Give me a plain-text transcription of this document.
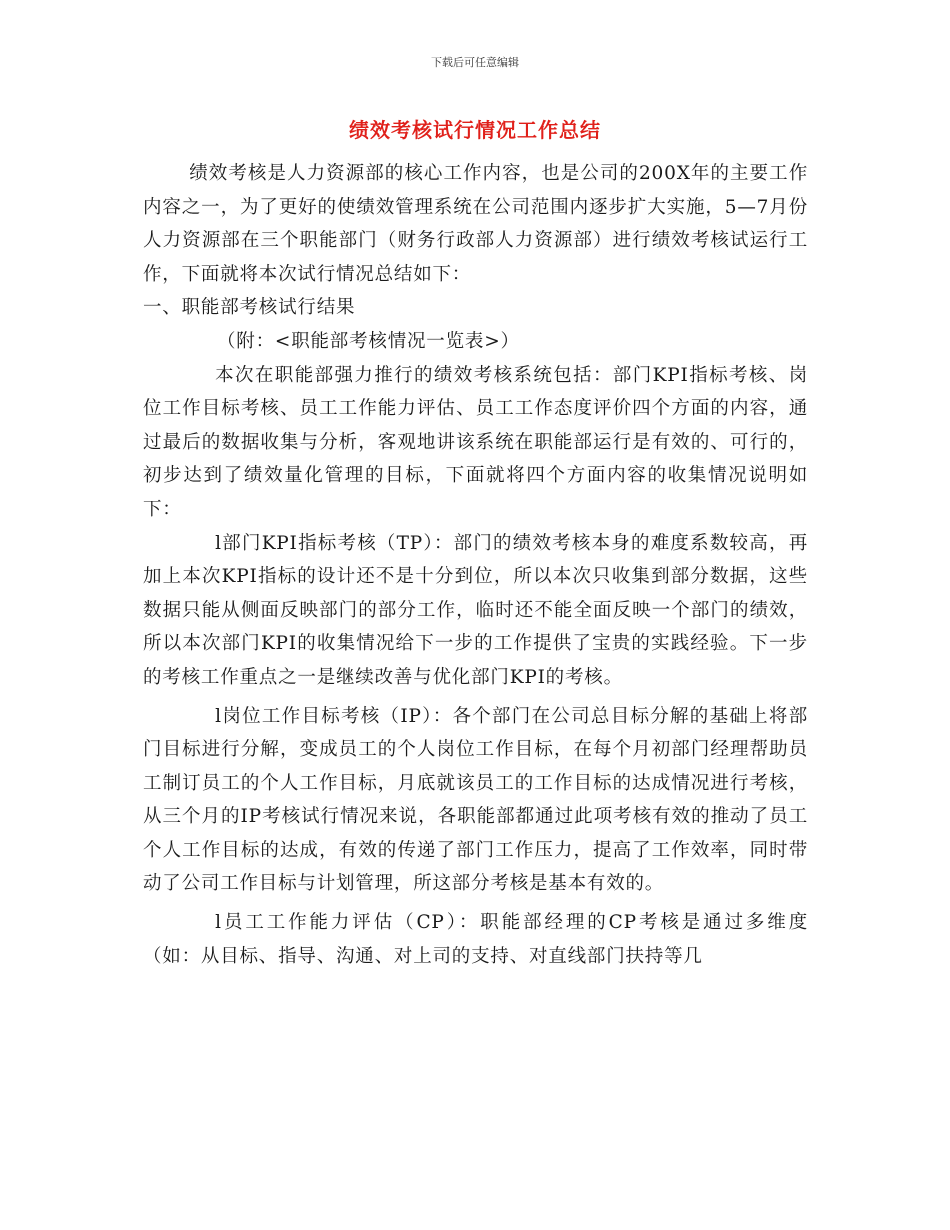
下载后可任意编辑
绩效考核试行情况工作总结

绩效考核是人力资源部的核心工作内容，也是公司的200X年的主要工作内容之一，为了更好的使绩效管理系统在公司范围内逐步扩大实施，5—7月份人力资源部在三个职能部门（财务行政部人力资源部）进行绩效考核试运行工作，下面就将本次试行情况总结如下：

一、职能部考核试行结果

（附：<职能部考核情况一览表>）

本次在职能部强力推行的绩效考核系统包括：部门KPI指标考核、岗位工作目标考核、员工工作能力评估、员工工作态度评价四个方面的内容，通过最后的数据收集与分析，客观地讲该系统在职能部运行是有效的、可行的，初步达到了绩效量化管理的目标，下面就将四个方面内容的收集情况说明如下：

l部门KPI指标考核（TP）：部门的绩效考核本身的难度系数较高，再加上本次KPI指标的设计还不是十分到位，所以本次只收集到部分数据，这些数据只能从侧面反映部门的部分工作，临时还不能全面反映一个部门的绩效，所以本次部门KPI的收集情况给下一步的工作提供了宝贵的实践经验。下一步的考核工作重点之一是继续改善与优化部门KPI的考核。

l岗位工作目标考核（IP）：各个部门在公司总目标分解的基础上将部门目标进行分解，变成员工的个人岗位工作目标，在每个月初部门经理帮助员工制订员工的个人工作目标，月底就该员工的工作目标的达成情况进行考核，从三个月的IP考核试行情况来说，各职能部都通过此项考核有效的推动了员工个人工作目标的达成，有效的传递了部门工作压力，提高了工作效率，同时带动了公司工作目标与计划管理，所这部分考核是基本有效的。

l员工工作能力评估（CP）：职能部经理的CP考核是通过多维度（如：从目标、指导、沟通、对上司的支持、对直线部门扶持等几
